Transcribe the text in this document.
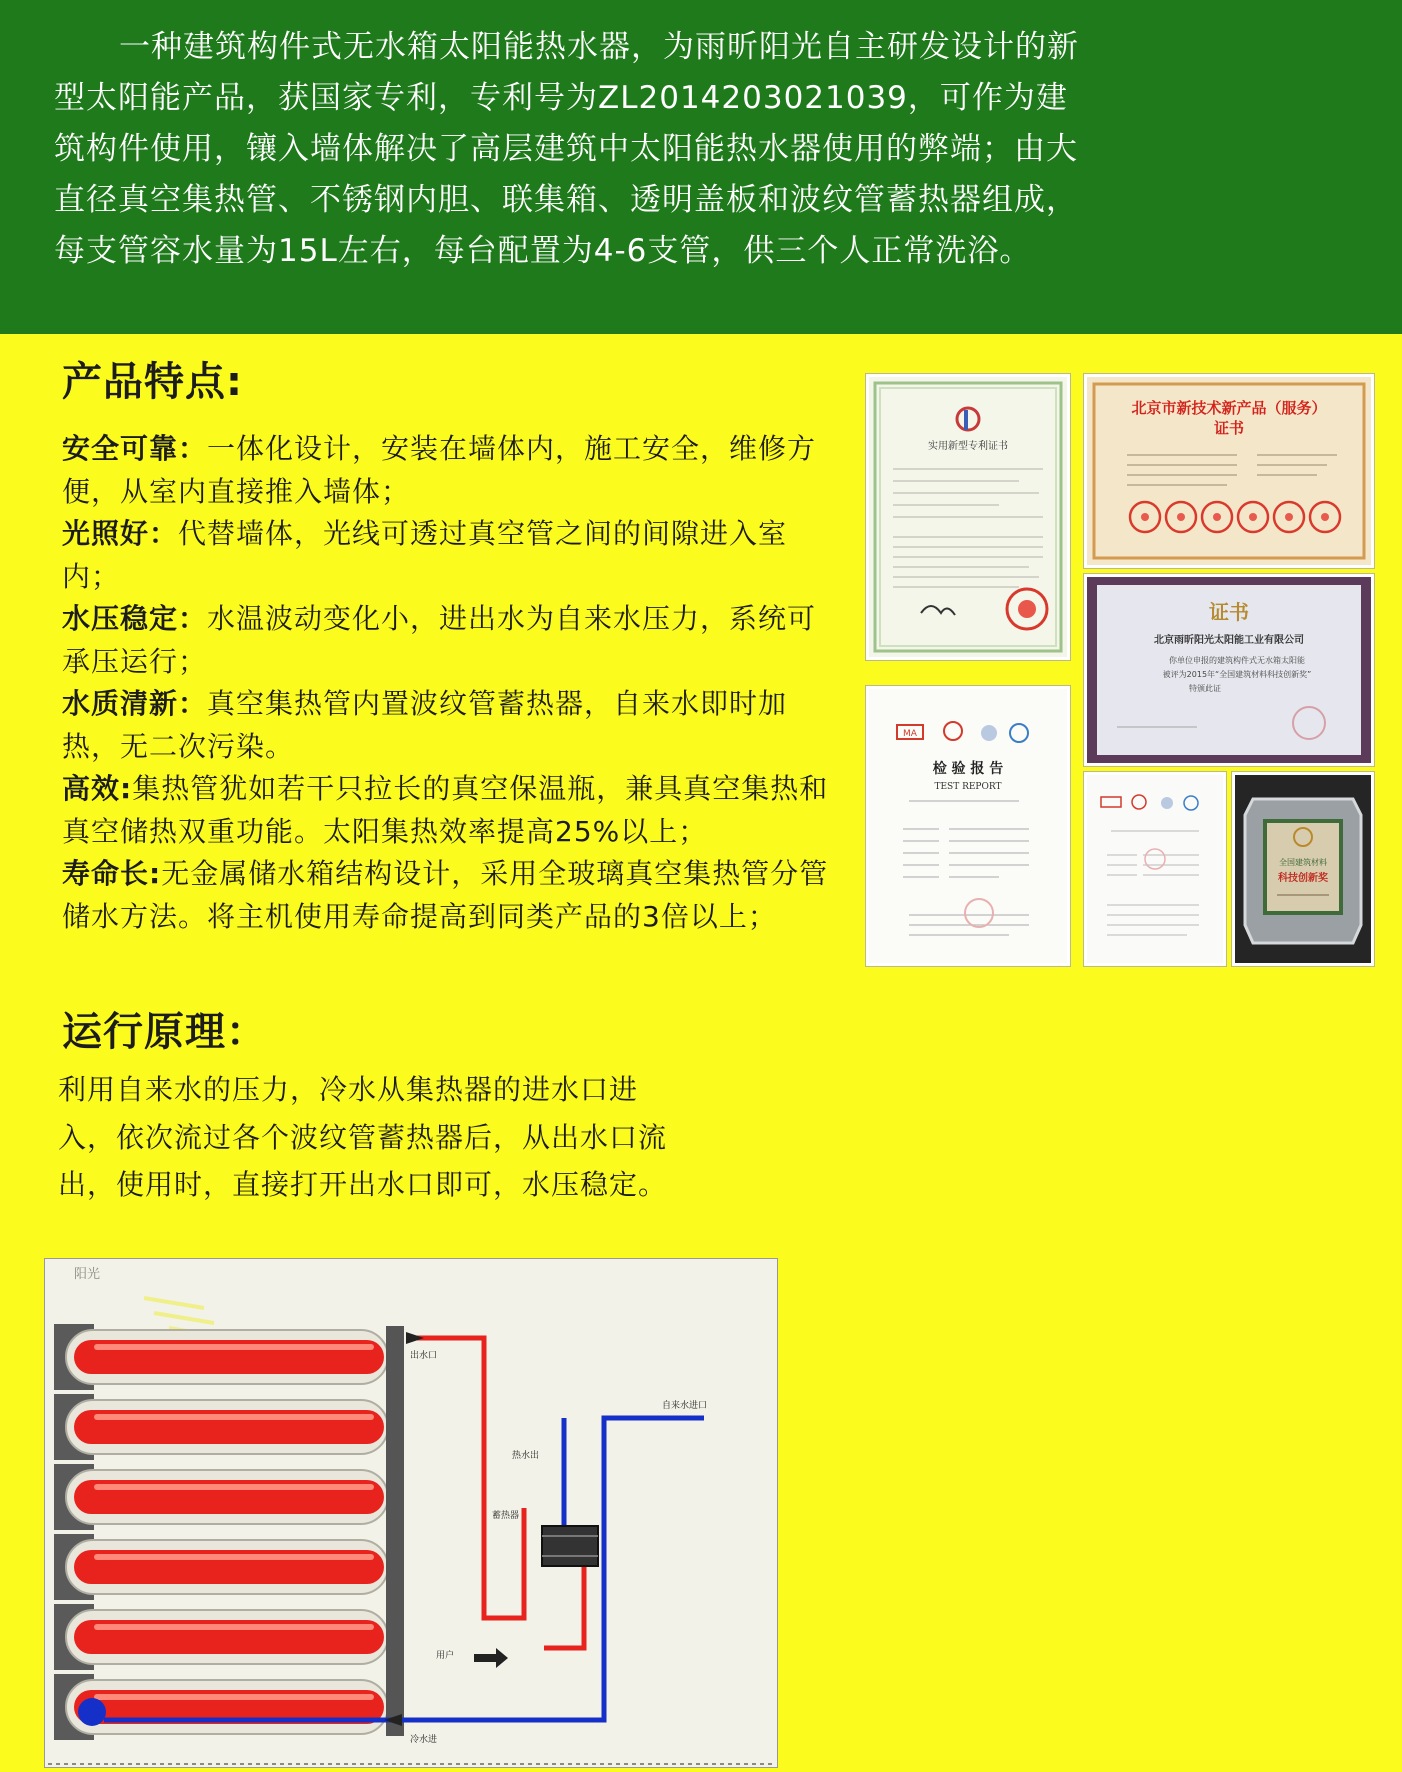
一种建筑构件式无水箱太阳能热水器，为雨昕阳光自主研发设计的新型太阳能产品，获国家专利，专利号为ZL2014203021039，可作为建筑构件使用，镶入墙体解决了高层建筑中太阳能热水器使用的弊端；由大直径真空集热管、不锈钢内胆、联集箱、透明盖板和波纹管蓄热器组成，每支管容水量为15L左右，每台配置为4-6支管，供三个人正常洗浴。

产品特点:
安全可靠：一体化设计，安装在墙体内，施工安全，维修方便，从室内直接推入墙体；
光照好：代替墙体，光线可透过真空管之间的间隙进入室内；
水压稳定：水温波动变化小，进出水为自来水压力，系统可承压运行；
水质清新：真空集热管内置波纹管蓄热器，自来水即时加热，无二次污染。
高效:集热管犹如若干只拉长的真空保温瓶，兼具真空集热和真空储热双重功能。太阳集热效率提高25%以上；
寿命长:无金属储水箱结构设计，采用全玻璃真空集热管分管储水方法。将主机使用寿命提高到同类产品的3倍以上；
运行原理：

利用自来水的压力，冷水从集热器的进水口进入，依次流过各个波纹管蓄热器后，从出水口流出，使用时，直接打开出水口即可，水压稳定。

实用新型专利证书
北京市新技术新产品（服务）
证书
证书
北京雨昕阳光太阳能工业有限公司
你单位申报的建筑构件式无水箱太阳能
被评为2015年“全国建筑材料科技创新奖”
特颁此证
MA
检 验 报 告
TEST REPORT
全国建筑材料
科技创新奖
阳光
出水口
自来水进口
蓄热器
用户
冷水进
热水出
